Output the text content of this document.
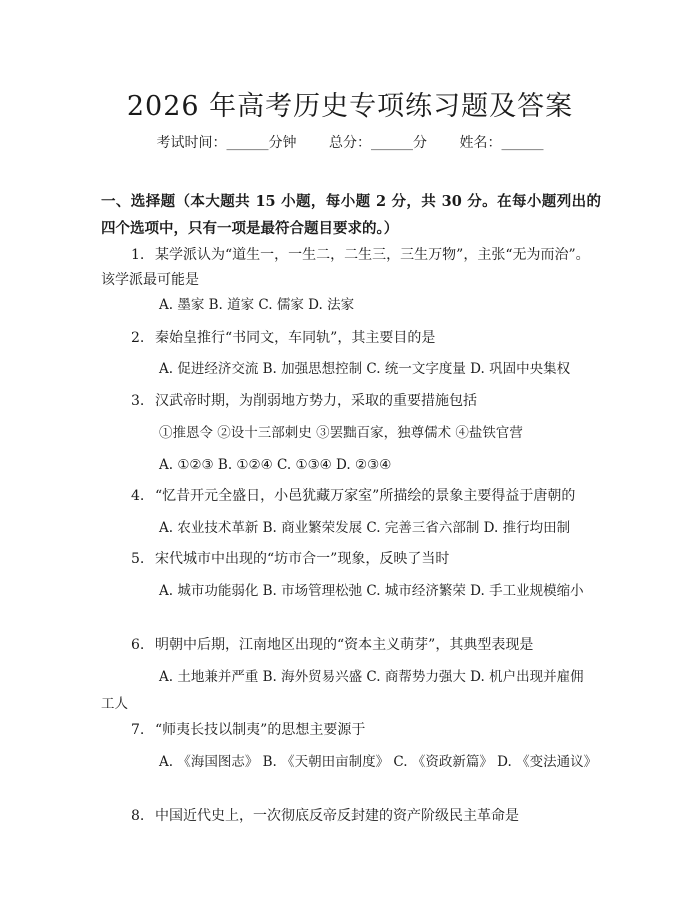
2026 年高考历史专项练习题及答案
考试时间：______分钟 总分：______分 姓名：______
一、选择题（本大题共 15 小题，每小题 2 分，共 30 分。在每小题列出的四个选项中，只有一项是最符合题目要求的。）
1. 某学派认为“道生一，一生二，二生三，三生万物”，主张“无为而治”。该学派最可能是
A. 墨家 B. 道家 C. 儒家 D. 法家
2. 秦始皇推行“书同文，车同轨”，其主要目的是
A. 促进经济交流 B. 加强思想控制 C. 统一文字度量 D. 巩固中央集权
3. 汉武帝时期，为削弱地方势力，采取的重要措施包括
①推恩令 ②设十三部刺史 ③罢黜百家，独尊儒术 ④盐铁官营
A. ①②③ B. ①②④ C. ①③④ D. ②③④
4. “忆昔开元全盛日，小邑犹藏万家室”所描绘的景象主要得益于唐朝的
A. 农业技术革新 B. 商业繁荣发展 C. 完善三省六部制 D. 推行均田制
5. 宋代城市中出现的“坊市合一”现象，反映了当时
A. 城市功能弱化 B. 市场管理松弛 C. 城市经济繁荣 D. 手工业规模缩小
6. 明朝中后期，江南地区出现的“资本主义萌芽”，其典型表现是
A. 土地兼并严重 B. 海外贸易兴盛 C. 商帮势力强大 D. 机户出现并雇佣工人
7. “师夷长技以制夷”的思想主要源于
A. 《海国图志》 B. 《天朝田亩制度》 C. 《资政新篇》 D. 《变法通议》
8. 中国近代史上，一次彻底反帝反封建的资产阶级民主革命是
